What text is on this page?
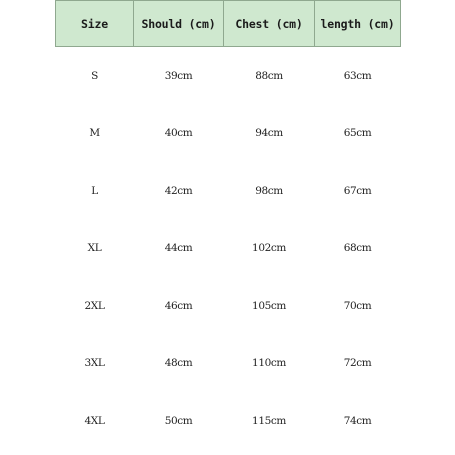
Size	Should (cm)	Chest (cm)	length (cm)
S	39cm	88cm	63cm
M	40cm	94cm	65cm
L	42cm	98cm	67cm
XL	44cm	102cm	68cm
2XL	46cm	105cm	70cm
3XL	48cm	110cm	72cm
4XL	50cm	115cm	74cm
